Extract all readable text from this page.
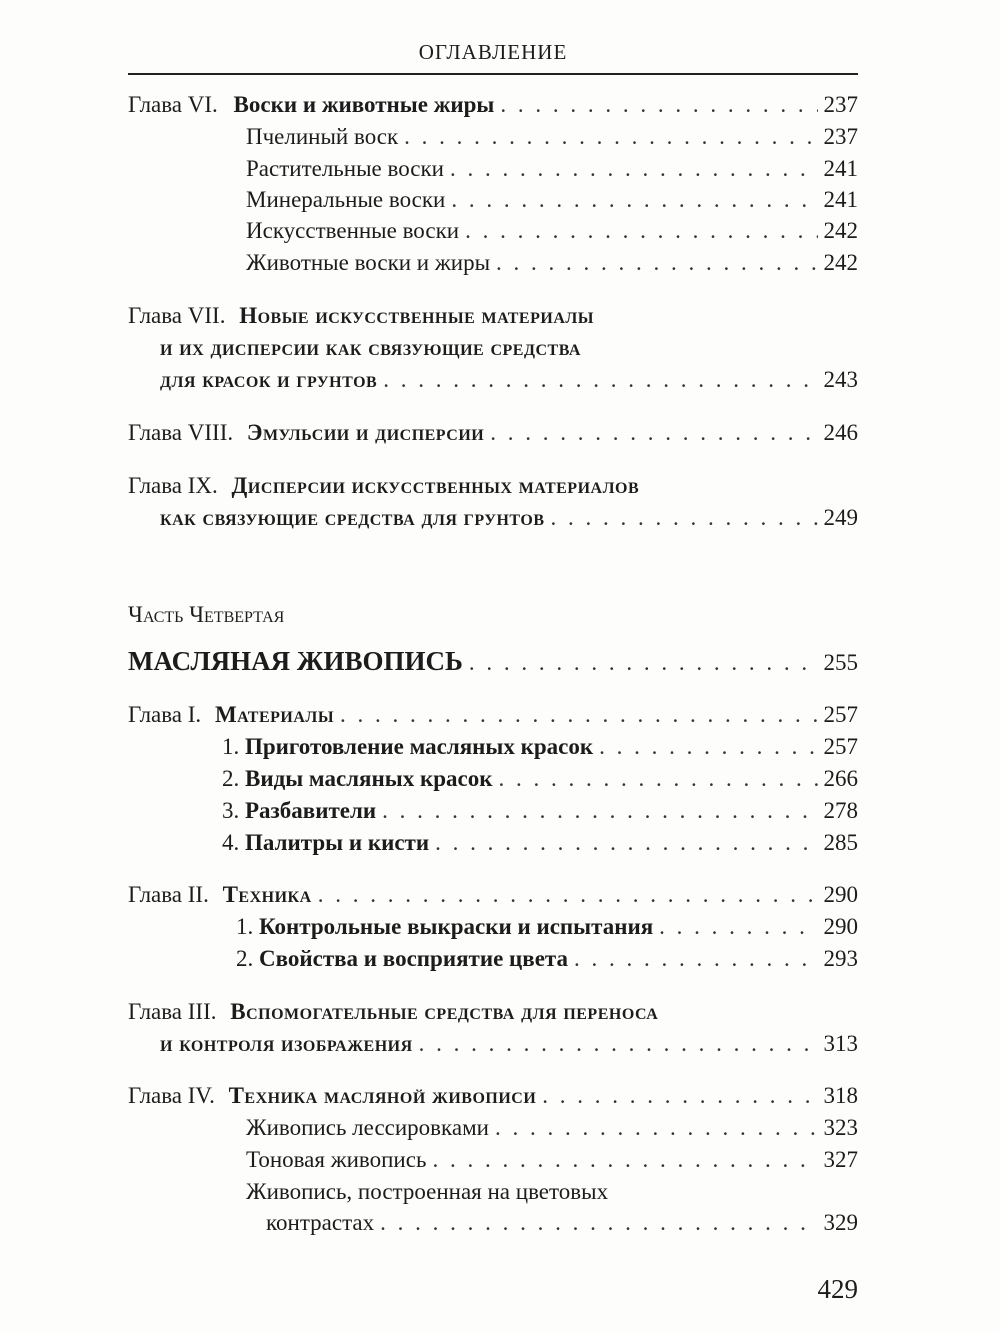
ОГЛАВЛЕНИЕ
Глава VI. Воски и животные жиры . . .	237
Пчелиный воск . . .	237
Растительные воски . . .	241
Минеральные воски . . .	241
Искусственные воски . . .	242
Животные воски и жиры . . .	242
Глава VII. Новые искусственные материалы
и их дисперсии как связующие средства
для красок и грунтов . . .	243
Глава VIII. Эмульсии и дисперсии . . .	246
Глава IX. Дисперсии искусственных материалов
как связующие средства для грунтов . . .	249
Часть Четвертая
МАСЛЯНАЯ ЖИВОПИСЬ . . .	255
Глава I. Материалы . . .	257
1. Приготовление масляных красок . . .	257
2. Виды масляных красок . . .	266
3. Разбавители . . .	278
4. Палитры и кисти . . .	285
Глава II. Техника . . .	290
1. Контрольные выкраски и испытания . . .	290
2. Свойства и восприятие цвета . . .	293
Глава III. Вспомогательные средства для переноса
и контроля изображения . . .	313
Глава IV. Техника масляной живописи . . .	318
Живопись лессировками . . .	323
Тоновая живопись . . .	327
Живопись, построенная на цветовых
контрастах . . .	329
429
